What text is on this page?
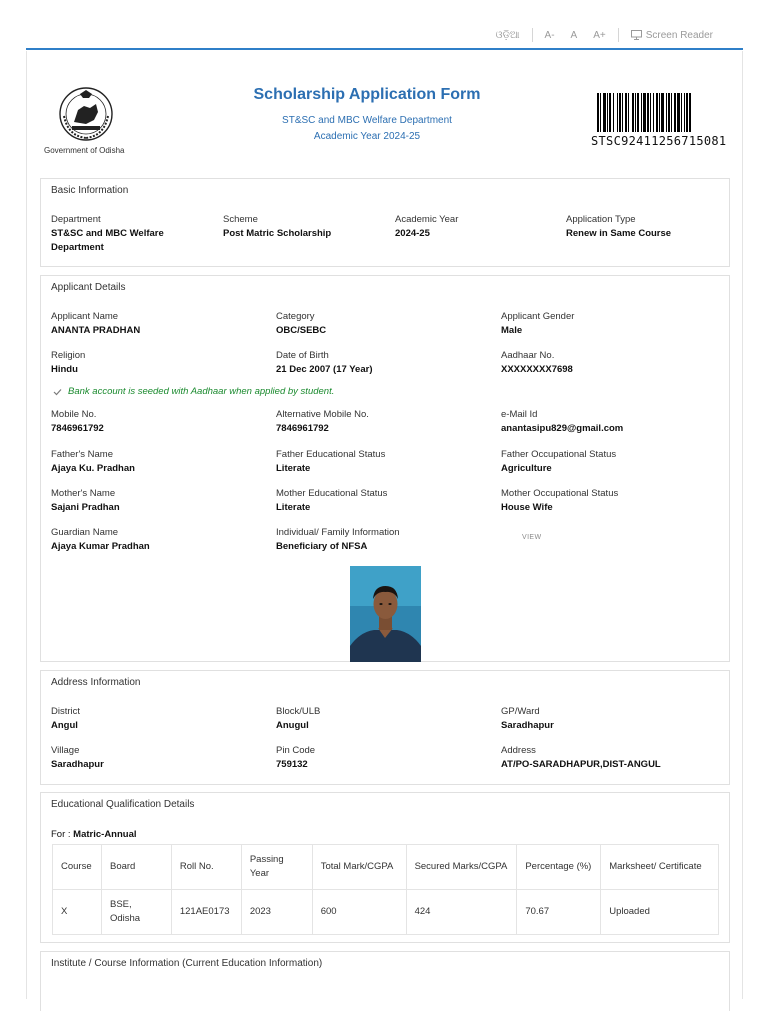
ଓଡ଼ିଆ	A-	A	A+	Screen Reader
Government of Odisha
Scholarship Application Form
ST&SC and MBC Welfare Department
Academic Year 2024-25	STSC92411256715081
Basic Information
Department
ST&SC and MBC Welfare Department
Scheme
Post Matric Scholarship
Academic Year
2024-25
Application Type
Renew in Same Course
Applicant Details
Applicant Name
ANANTA PRADHAN
Category
OBC/SEBC
Applicant Gender
Male
Religion
Hindu
Date of Birth
21 Dec 2007 (17 Year)
Aadhaar No.
XXXXXXXX7698
Bank account is seeded with Aadhaar when applied by student.
Mobile No.
7846961792
Alternative Mobile No.
7846961792
e-Mail Id
anantasipu829@gmail.com
Father's Name
Ajaya Ku. Pradhan
Father Educational Status
Literate
Father Occupational Status
Agriculture
Mother's Name
Sajani Pradhan
Mother Educational Status
Literate
Mother Occupational Status
House Wife
Guardian Name
Ajaya Kumar Pradhan
Individual/ Family Information
Beneficiary of NFSA
VIEW
Address Information
District
Angul
Block/ULB
Anugul
GP/Ward
Saradhapur
Village
Saradhapur
Pin Code
759132
Address
AT/PO-SARADHAPUR,DIST-ANGUL
Educational Qualification Details
For : Matric-Annual
Course	Board	Roll No.	Passing Year	Total Mark/CGPA	Secured Marks/CGPA	Percentage (%)	Marksheet/ Certificate
X	BSE, Odisha	121AE0173	2023	600	424	70.67	Uploaded
Institute / Course Information (Current Education Information)
